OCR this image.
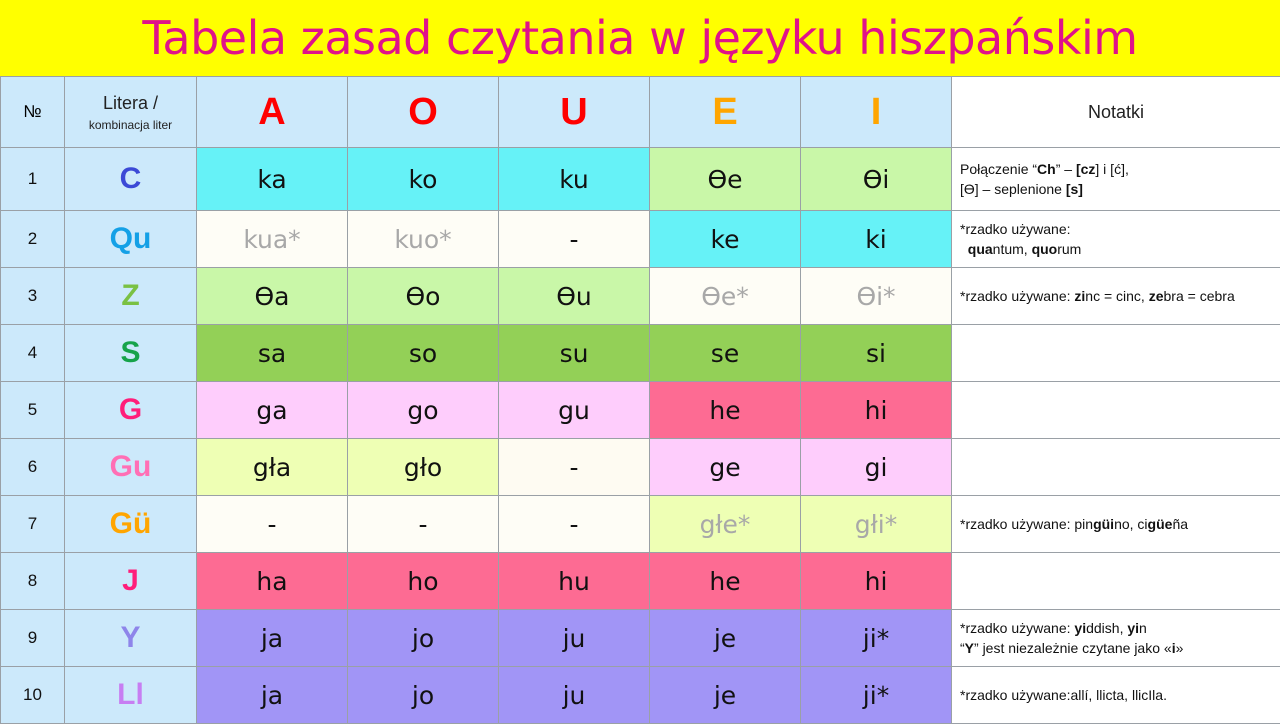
Tabela zasad czytania w języku hiszpańskim
№	Litera /
kombinacja liter	A	O	U	E	I	Notatki
1	C	ka	ko	ku	Өe	Өi	Połączenie “Ch” – [cz] i [ć],
[Ө] – seplenione [s]
2	Qu	kua*	kuo*	-	ke	ki	*rzadko używane:
quantum, quorum
3	Z	Өa	Өo	Өu	Өe*	Өi*	*rzadko używane: zinc = cinc, zebra = cebra
4	S	sa	so	su	se	si	
5	G	ga	go	gu	he	hi	
6	Gu	gła	gło	-	ge	gi	
7	Gü	-	-	-	głe*	głi*	*rzadko używane: pingüino, cigüeña
8	J	ha	ho	hu	he	hi	
9	Y	ja	jo	ju	je	ji*	*rzadko używane: yiddish, yin
“Y” jest niezależnie czytane jako «i»
10	Ll	ja	jo	ju	je	ji*	*rzadko używane:allí, llicta, llicIla.
